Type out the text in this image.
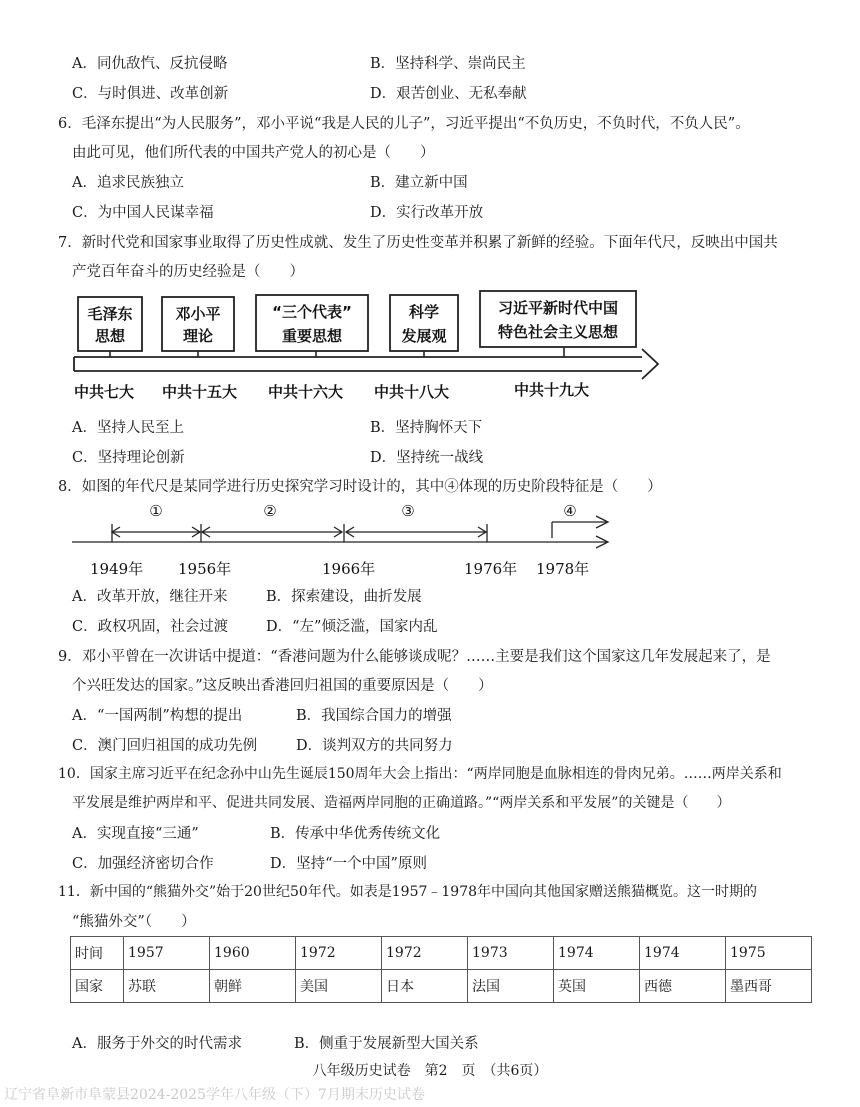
A．同仇敌忾、反抗侵略	B．坚持科学、崇尚民主
C．与时俱进、改革创新	D．艰苦创业、无私奉献
6．毛泽东提出“为人民服务”，邓小平说“我是人民的儿子”，习近平提出“不负历史，不负时代，不负人民”。
由此可见，他们所代表的中国共产党人的初心是（　　）
A．追求民族独立	B．建立新中国
C．为中国人民谋幸福	D．实行改革开放
7．新时代党和国家事业取得了历史性成就、发生了历史性变革并积累了新鲜的经验。下面年代尺，反映出中国共
产党百年奋斗的历史经验是（　　）
毛泽东
思想
邓小平
理论
“三个代表”
重要思想
科学
发展观
习近平新时代中国
特色社会主义思想
中共七大 中共十五大 中共十六大 中共十八大	中共十九大
A．坚持人民至上	B．坚持胸怀天下
C．坚持理论创新	D．坚持统一战线
8．如图的年代尺是某同学进行历史探究学习时设计的，其中④体现的历史阶段特征是（　　）
①	②	③	④
1949年 1956年	1966年	1976年 1978年
A．改革开放，继往开来	B．探索建设，曲折发展
C．政权巩固，社会过渡	D．“左”倾泛滥，国家内乱
9．邓小平曾在一次讲话中提道：“香港问题为什么能够谈成呢？……主要是我们这个国家这几年发展起来了，是
个兴旺发达的国家。”这反映出香港回归祖国的重要原因是（　　）
A．“一国两制”构想的提出	B．我国综合国力的增强
C．澳门回归祖国的成功先例	D．谈判双方的共同努力
10．国家主席习近平在纪念孙中山先生诞辰150周年大会上指出：“两岸同胞是血脉相连的骨肉兄弟。……两岸关系和
平发展是维护两岸和平、促进共同发展、造福两岸同胞的正确道路。”“两岸关系和平发展”的关键是（　　）
A．实现直接“三通”	B．传承中华优秀传统文化
C．加强经济密切合作	D．坚持“一个中国”原则
11．新中国的“熊猫外交”始于20世纪50年代。如表是1957﹣1978年中国向其他国家赠送熊猫概览。这一时期的
“熊猫外交”（　　）
时间	1957	1960	1972	1972	1973	1974	1974	1975
国家	苏联	朝鲜	美国	日本	法国	英国	西德	墨西哥
A．服务于外交的时代需求	B．侧重于发展新型大国关系
八年级历史试卷　第2　页　（共6页）
辽宁省阜新市阜蒙县2024-2025学年八年级（下）7月期末历史试卷
